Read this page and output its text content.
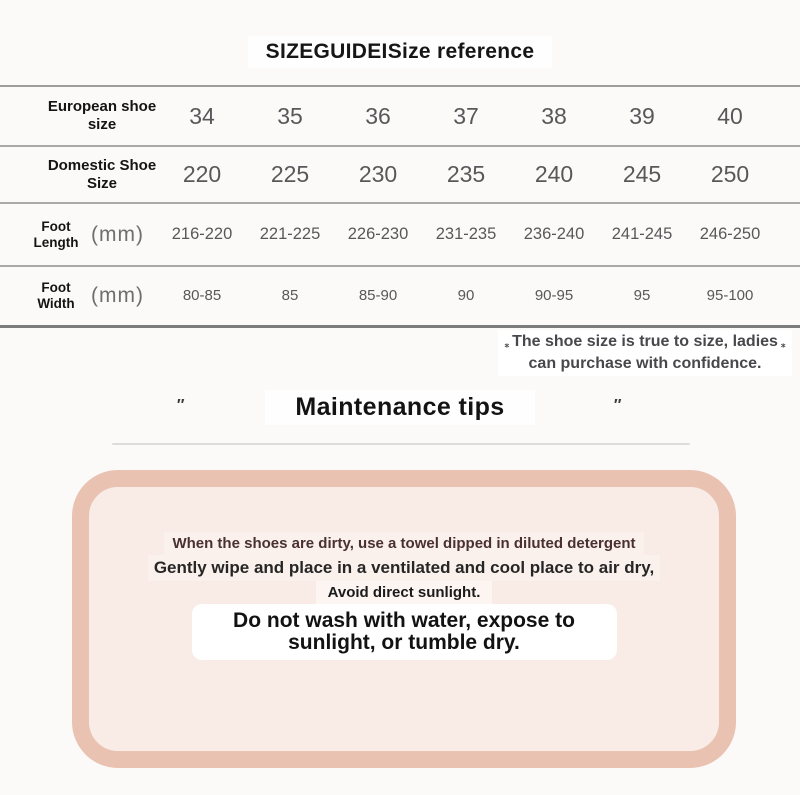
SIZEGUIDEISize reference
European shoe size	34	35	36	37	38	39	40	

Domestic Shoe Size	220	225	230	235	240	245	250	

Foot Length (mm)	216-220	221-225	226-230	231-235	236-240	241-245	246-250	

Foot Width (mm)	80-85	85	85-90	90	90-95	95	95-100	
⁎ The shoe size is true to size, ladies ⁎
can purchase with confidence.
″	Maintenance tips	″

When the shoes are dirty, use a towel dipped in diluted detergent

Gently wipe and place in a ventilated and cool place to air dry,

Avoid direct sunlight.

Do not wash with water, expose to sunlight, or tumble dry.
